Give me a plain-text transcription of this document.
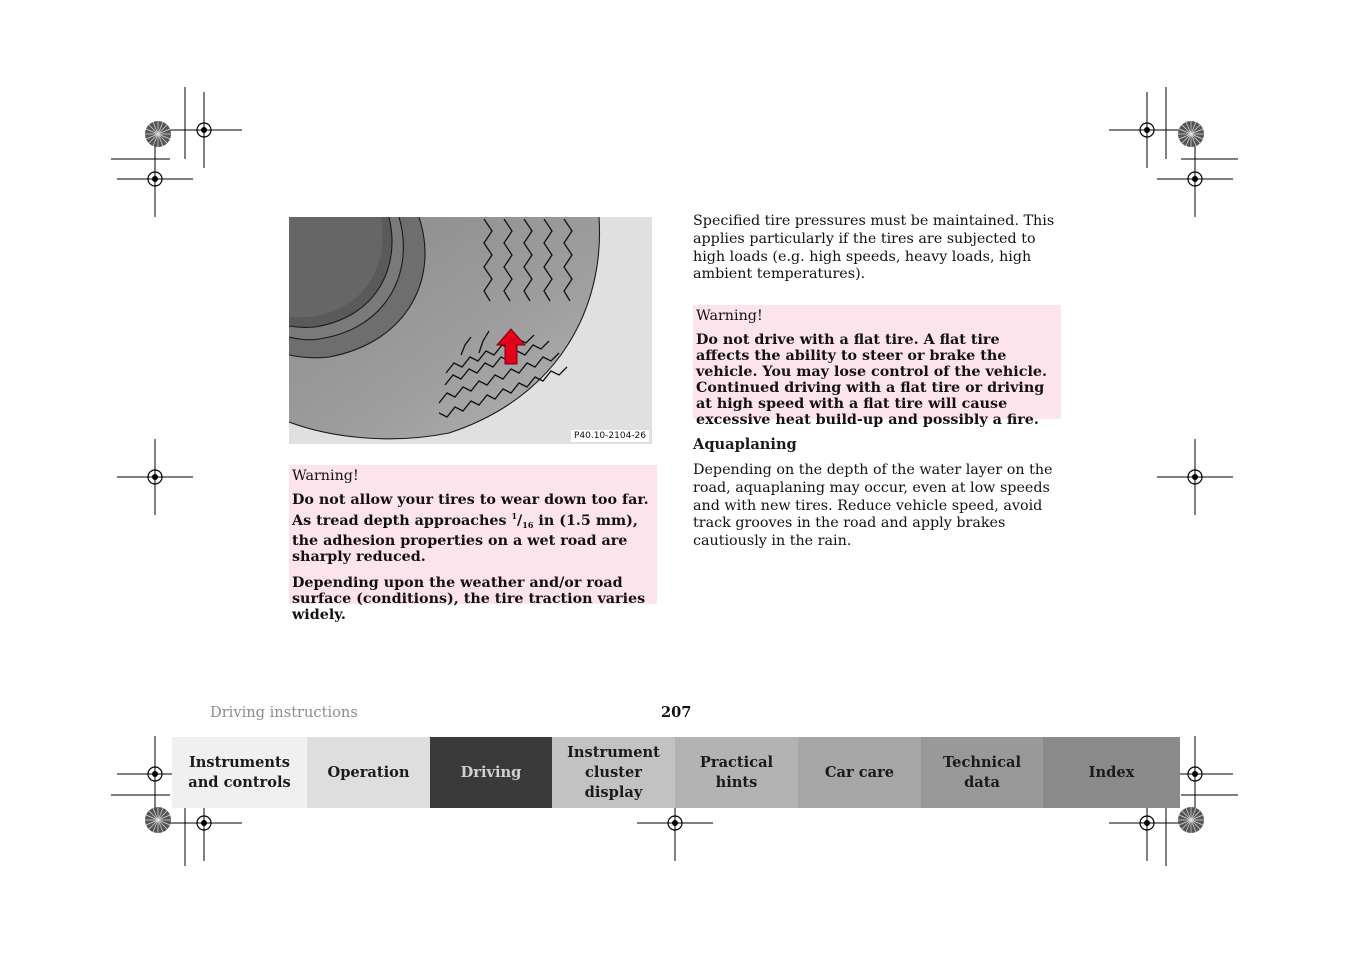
P40.10-2104-26
Warning!

Do not allow your tires to wear down too far. As tread depth approaches $^1/_{16}$ in (1.5 mm), the adhesion properties on a wet road are sharply reduced.

Depending upon the weather and/or road surface (conditions), the tire traction varies widely.

Specified tire pressures must be maintained. This applies particularly if the tires are subjected to high loads (e.g. high speeds, heavy loads, high ambient temperatures).
Warning!

Do not drive with a flat tire. A flat tire affects the ability to steer or brake the vehicle. You may lose control of the vehicle. Continued driving with a flat tire or driving at high speed with a flat tire will cause excessive heat build-up and possibly a fire.

Aquaplaning
Depending on the depth of the water layer on the road, aquaplaning may occur, even at low speeds and with new tires. Reduce vehicle speed, avoid track grooves in the road and apply brakes cautiously in the rain.
Driving instructions	207
Instruments
and controls
Operation	Driving
Instrument
cluster display
Practical hints
Car care
Technical
data
Index
